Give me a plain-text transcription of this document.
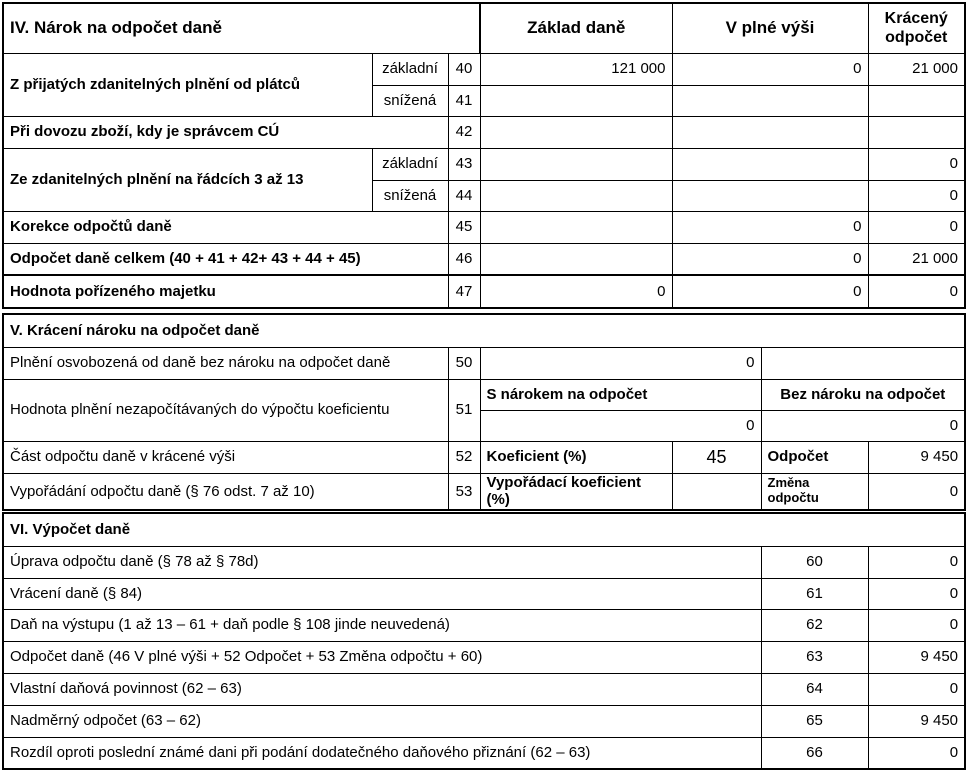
IV. Nárok na odpočet daně			Základ daně	V plné výši	Krácený
odpočet

Z přijatých zdanitelných plnění od plátců	základní	40	121 000	0	21 000
	snížená	41			
Při dovozu zboží, kdy je správcem CÚ		42			
Ze zdanitelných plnění na řádcích 3 až 13	základní	43			0
	snížená	44			0
Korekce odpočtů daně		45		0	0
Odpočet daně celkem (40 + 41 + 42+ 43 + 44 + 45)		46		0	21 000
Hodnota pořízeného majetku		47	0	0	0
V. Krácení nároku na odpočet daně					
Plnění osvobozená od daně bez nároku na odpočet daně	50	0			
Hodnota plnění nezapočítávaných do výpočtu koeficientu	51	S nárokem na odpočet		Bez nároku na odpočet	
		0		0	
Část odpočtu daně v krácené výši	52	Koeficient (%)	45	Odpočet	9 450
Vypořádání odpočtu daně (§ 76 odst. 7 až 10)	53	Vypořádací koeficient (%)		Změna
odpočtu	0
VI. Výpočet daně		
Úprava odpočtu daně (§ 78 až § 78d)	60	0
Vrácení daně (§ 84)	61	0
Daň na výstupu (1 až 13 – 61 + daň podle § 108 jinde neuvedená)	62	0
Odpočet daně (46 V plné výši + 52 Odpočet + 53 Změna odpočtu + 60)	63	9 450
Vlastní daňová povinnost (62 – 63)	64	0
Nadměrný odpočet (63 – 62)	65	9 450
Rozdíl oproti poslední známé dani při podání dodatečného daňového přiznání (62 – 63)	66	0
